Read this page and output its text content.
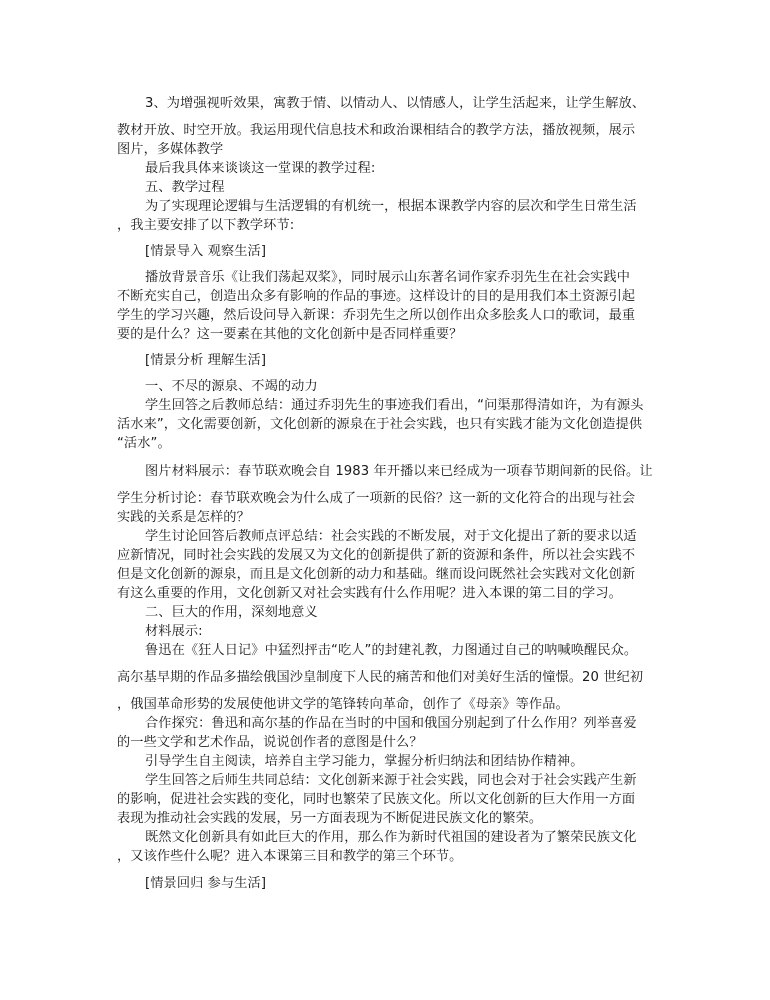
3、为增强视听效果，寓教于情、以情动人、以情感人，让学生活起来，让学生解放、
教材开放、时空开放。我运用现代信息技术和政治课相结合的教学方法，播放视频，展示
图片，多媒体教学
最后我具体来谈谈这一堂课的教学过程:
五、教学过程
为了实现理论逻辑与生活逻辑的有机统一，根据本课教学内容的层次和学生日常生活
，我主要安排了以下教学环节:
[情景导入 观察生活]
播放背景音乐《让我们荡起双桨》，同时展示山东著名词作家乔羽先生在社会实践中
不断充实自己，创造出众多有影响的作品的事迹。这样设计的目的是用我们本土资源引起
学生的学习兴趣，然后设问导入新课：乔羽先生之所以创作出众多脍炙人口的歌词，最重
要的是什么？这一要素在其他的文化创新中是否同样重要？
[情景分析 理解生活]
一、不尽的源泉、不竭的动力
学生回答之后教师总结：通过乔羽先生的事迹我们看出，“问渠那得清如许，为有源头
活水来”，文化需要创新，文化创新的源泉在于社会实践，也只有实践才能为文化创造提供
“活水”。
图片材料展示：春节联欢晚会自 1983 年开播以来已经成为一项春节期间新的民俗。让
学生分析讨论：春节联欢晚会为什么成了一项新的民俗？这一新的文化符合的出现与社会
实践的关系是怎样的？
学生讨论回答后教师点评总结：社会实践的不断发展，对于文化提出了新的要求以适
应新情况，同时社会实践的发展又为文化的创新提供了新的资源和条件，所以社会实践不
但是文化创新的源泉，而且是文化创新的动力和基础。继而设问既然社会实践对文化创新
有这么重要的作用，文化创新又对社会实践有什么作用呢？进入本课的第二目的学习。
二、巨大的作用，深刻地意义
材料展示:
鲁迅在《狂人日记》中猛烈抨击“吃人”的封建礼教，力图通过自己的呐喊唤醒民众。
高尔基早期的作品多描绘俄国沙皇制度下人民的痛苦和他们对美好生活的憧憬。20 世纪初
，俄国革命形势的发展使他讲文学的笔锋转向革命，创作了《母亲》等作品。
合作探究：鲁迅和高尔基的作品在当时的中国和俄国分别起到了什么作用？列举喜爱
的一些文学和艺术作品，说说创作者的意图是什么？
引导学生自主阅读，培养自主学习能力，掌握分析归纳法和团结协作精神。
学生回答之后师生共同总结：文化创新来源于社会实践，同也会对于社会实践产生新
的影响，促进社会实践的变化，同时也繁荣了民族文化。所以文化创新的巨大作用一方面
表现为推动社会实践的发展，另一方面表现为不断促进民族文化的繁荣。
既然文化创新具有如此巨大的作用，那么作为新时代祖国的建设者为了繁荣民族文化
，又该作些什么呢？进入本课第三目和教学的第三个环节。
[情景回归 参与生活]
